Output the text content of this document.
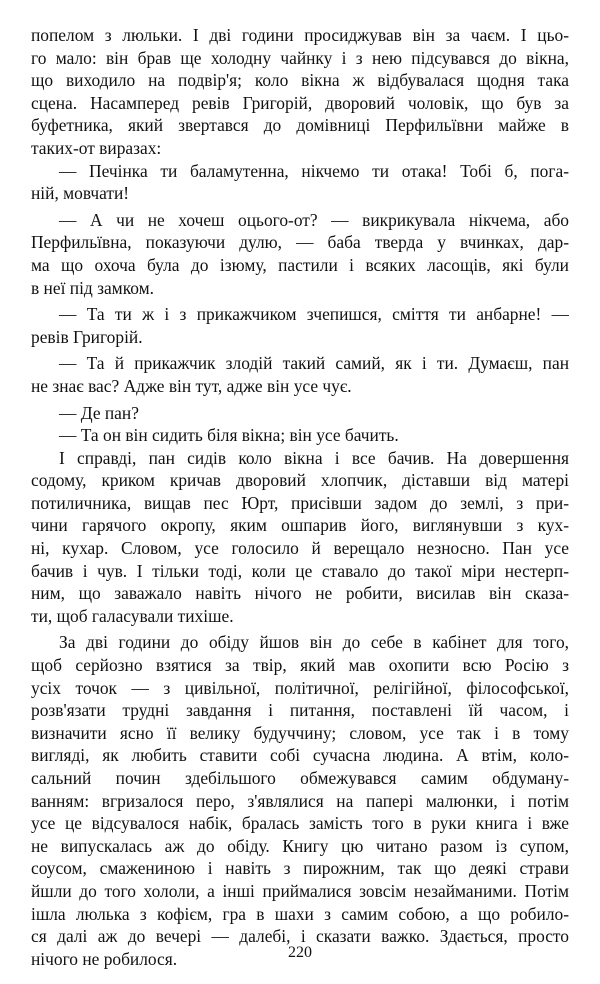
попелом з люльки. І дві години просиджував він за чаєм. І цьо-
го мало: він брав ще холодну чайнку і з нею підсувався до вікна,
що виходило на подвір'я; коло вікна ж відбувалася щодня така
сцена. Насамперед ревів Григорій, дворовий чоловік, що був за
буфетника, який звертався до домівниці Перфильївни майже в
таких-от виразах:
— Печінка ти баламутенна, нікчемо ти отака! Тобі б, пога-
ній, мовчати!
— А чи не хочеш оцього-от? — викрикувала нікчема, або
Перфильївна, показуючи дулю, — баба тверда у вчинках, дар-
ма що охоча була до ізюму, пастили і всяких ласощів, які були
в неї під замком.
— Та ти ж і з прикажчиком зчепишся, сміття ти анбарне! —
ревів Григорій.
— Та й прикажчик злодій такий самий, як і ти. Думаєш, пан
не знає вас? Адже він тут, адже він усе чує.
— Де пан?
— Та он він сидить біля вікна; він усе бачить.
І справді, пан сидів коло вікна і все бачив. На довершення
содому, криком кричав дворовий хлопчик, діставши від матері
потиличника, вищав пес Юрт, присівши задом до землі, з при-
чини гарячого окропу, яким ошпарив його, виглянувши з кух-
ні, кухар. Словом, усе голосило й верещало незносно. Пан усе
бачив і чув. І тільки тоді, коли це ставало до такої міри нестерп-
ним, що заважало навіть нічого не робити, висилав він сказа-
ти, щоб галасували тихіше.
За дві години до обіду йшов він до себе в кабінет для того,
щоб серйозно взятися за твір, який мав охопити всю Росію з
усіх точок — з цивільної, політичної, релігійної, філософської,
розв'язати трудні завдання і питання, поставлені їй часом, і
визначити ясно її велику будуччину; словом, усе так і в тому
вигляді, як любить ставити собі сучасна людина. А втім, коло-
сальний почин здебільшого обмежувався самим обдуману-
ванням: вгризалося перо, з'являлися на папері малюнки, і потім
усе це відсувалося набік, бралась замість того в руки книга і вже
не випускалась аж до обіду. Книгу цю читано разом із супом,
соусом, смажениною і навіть з пирожним, так що деякі страви
йшли до того хололи, а інші приймалися зовсім незайманими. Потім
ішла люлька з кофієм, гра в шахи з самим собою, а що робило-
ся далі аж до вечері — далебі, і сказати важко. Здається, просто
нічого не робилося.	220
